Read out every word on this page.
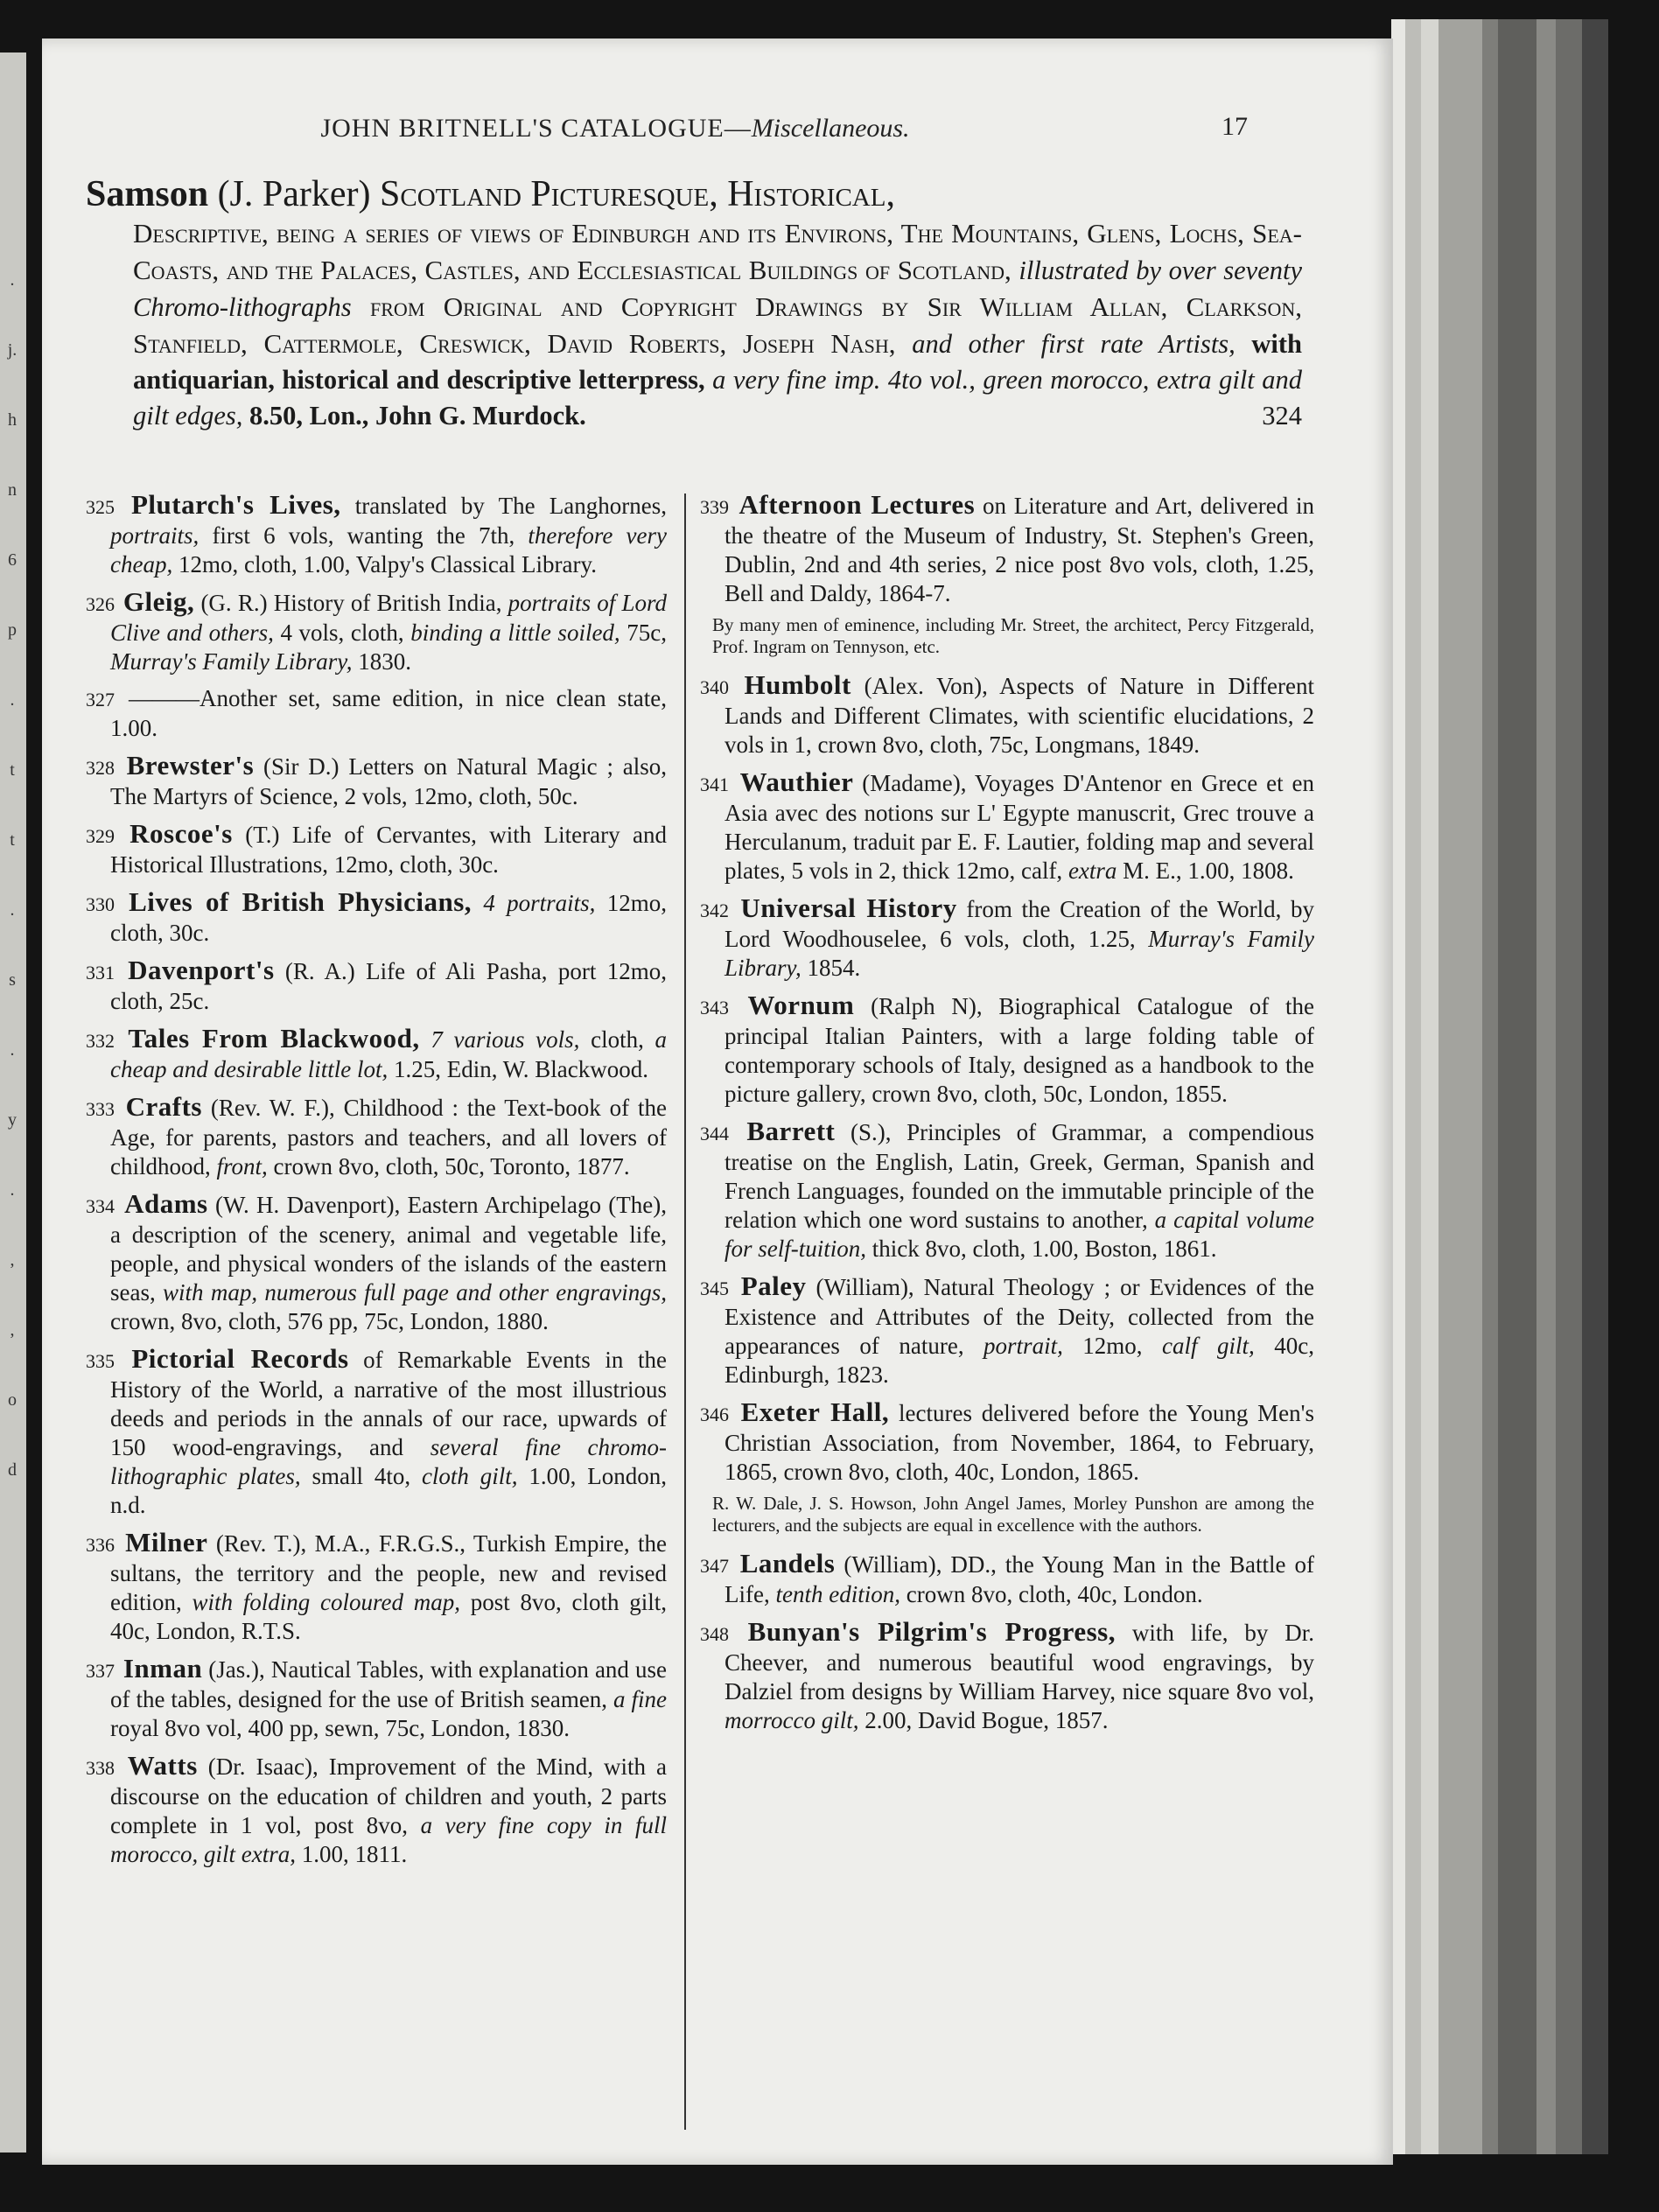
.
j.
h
n
6
p
.
t
t
.
s
.
y
.
,
,
o
d
JOHN BRITNELL'S CATALOGUE—Miscellaneous.	17
Samson (J. Parker) Scotland Picturesque, Historical,
Descriptive, being a series of views of Edinburgh and its Environs, The Mountains, Glens, Lochs, Sea-Coasts, and the Palaces, Castles, and Ecclesiastical Buildings of Scotland, illustrated by over seventy Chromo-lithographs from Original and Copyright Drawings by Sir William Allan, Clarkson, Stanfield, Cattermole, Creswick, David Roberts, Joseph Nash, and other first rate Artists, with antiquarian, historical and descriptive letterpress, a very fine imp. 4to vol., green morocco, extra gilt and gilt edges, 8.50, Lon., John G. Murdock.	324
325 Plutarch's Lives, translated by The Langhornes, portraits, first 6 vols, wanting the 7th, therefore very cheap, 12mo, cloth, 1.00, Valpy's Classical Library.
326 Gleig, (G. R.) History of British India, portraits of Lord Clive and others, 4 vols, cloth, binding a little soiled, 75c, Murray's Family Library, 1830.
327 ———Another set, same edition, in nice clean state, 1.00.
328 Brewster's (Sir D.) Letters on Natural Magic ; also, The Martyrs of Science, 2 vols, 12mo, cloth, 50c.
329 Roscoe's (T.) Life of Cervantes, with Literary and Historical Illustrations, 12mo, cloth, 30c.
330 Lives of British Physicians, 4 portraits, 12mo, cloth, 30c.
331 Davenport's (R. A.) Life of Ali Pasha, port 12mo, cloth, 25c.
332 Tales From Blackwood, 7 various vols, cloth, a cheap and desirable little lot, 1.25, Edin, W. Blackwood.
333 Crafts (Rev. W. F.), Childhood : the Text-book of the Age, for parents, pastors and teachers, and all lovers of childhood, front, crown 8vo, cloth, 50c, Toronto, 1877.
334 Adams (W. H. Davenport), Eastern Archipelago (The), a description of the scenery, animal and vegetable life, people, and physical wonders of the islands of the eastern seas, with map, numerous full page and other engravings, crown, 8vo, cloth, 576 pp, 75c, London, 1880.
335 Pictorial Records of Remarkable Events in the History of the World, a narrative of the most illustrious deeds and periods in the annals of our race, upwards of 150 wood-engravings, and several fine chromo-lithographic plates, small 4to, cloth gilt, 1.00, London, n.d.
336 Milner (Rev. T.), M.A., F.R.G.S., Turkish Empire, the sultans, the territory and the people, new and revised edition, with folding coloured map, post 8vo, cloth gilt, 40c, London, R.T.S.
337 Inman (Jas.), Nautical Tables, with explanation and use of the tables, designed for the use of British seamen, a fine royal 8vo vol, 400 pp, sewn, 75c, London, 1830.
338 Watts (Dr. Isaac), Improvement of the Mind, with a discourse on the education of children and youth, 2 parts complete in 1 vol, post 8vo, a very fine copy in full morocco, gilt extra, 1.00, 1811.
339 Afternoon Lectures on Literature and Art, delivered in the theatre of the Museum of Industry, St. Stephen's Green, Dublin, 2nd and 4th series, 2 nice post 8vo vols, cloth, 1.25, Bell and Daldy, 1864-7.
By many men of eminence, including Mr. Street, the architect, Percy Fitzgerald, Prof. Ingram on Tennyson, etc.
340 Humbolt (Alex. Von), Aspects of Nature in Different Lands and Different Climates, with scientific elucidations, 2 vols in 1, crown 8vo, cloth, 75c, Longmans, 1849.
341 Wauthier (Madame), Voyages D'Antenor en Grece et en Asia avec des notions sur L' Egypte manuscrit, Grec trouve a Herculanum, traduit par E. F. Lautier, folding map and several plates, 5 vols in 2, thick 12mo, calf, extra M. E., 1.00, 1808.
342 Universal History from the Creation of the World, by Lord Woodhouselee, 6 vols, cloth, 1.25, Murray's Family Library, 1854.
343 Wornum (Ralph N), Biographical Catalogue of the principal Italian Painters, with a large folding table of contemporary schools of Italy, designed as a handbook to the picture gallery, crown 8vo, cloth, 50c, London, 1855.
344 Barrett (S.), Principles of Grammar, a compendious treatise on the English, Latin, Greek, German, Spanish and French Languages, founded on the immutable principle of the relation which one word sustains to another, a capital volume for self-tuition, thick 8vo, cloth, 1.00, Boston, 1861.
345 Paley (William), Natural Theology ; or Evidences of the Existence and Attributes of the Deity, collected from the appearances of nature, portrait, 12mo, calf gilt, 40c, Edinburgh, 1823.
346 Exeter Hall, lectures delivered before the Young Men's Christian Association, from November, 1864, to February, 1865, crown 8vo, cloth, 40c, London, 1865.
R. W. Dale, J. S. Howson, John Angel James, Morley Punshon are among the lecturers, and the subjects are equal in excellence with the authors.
347 Landels (William), DD., the Young Man in the Battle of Life, tenth edition, crown 8vo, cloth, 40c, London.
348 Bunyan's Pilgrim's Progress, with life, by Dr. Cheever, and numerous beautiful wood engravings, by Dalziel from designs by William Harvey, nice square 8vo vol, morrocco gilt, 2.00, David Bogue, 1857.
